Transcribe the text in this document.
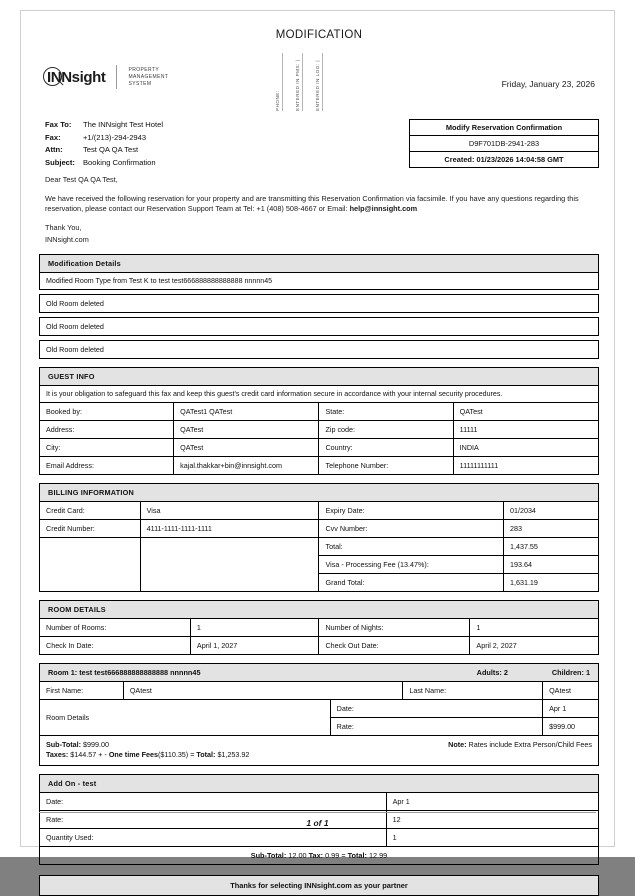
MODIFICATION
INNsight	PROPERTY
MANAGEMENT
SYSTEM
PHONE:	ENTERED IN PMS: |	ENTERED IN LOG: |	Friday, January 23, 2026
Fax To:	The INNsight Test Hotel
Fax:	+1/(213)-294-2943
Attn:	Test QA QA Test
Subject:	Booking Confirmation
Modify Reservation Confirmation
D9F701DB-2941-283
Created: 01/23/2026 14:04:58 GMT

Dear Test QA QA Test,

We have received the following reservation for your property and are transmitting this Reservation Confirmation via facsimile. If you have any questions regarding this reservation, please contact our Reservation Support Team at Tel: +1 (408) 508-4667 or Email: help@innsight.com

Thank You,

INNsight.com

Modification Details
Modified Room Type from Test K to test test666888888888888 nnnnn45
Old Room deleted
Old Room deleted
Old Room deleted
GUEST INFO			
It is your obligation to safeguard this fax and keep this guest's credit card information secure in accordance with your internal security procedures.			
Booked by:	QATest1 QATest	State:	QATest
Address:	QATest	Zip code:	11111
City:	QATest	Country:	INDIA
Email Address:	kajal.thakkar+bin@innsight.com	Telephone Number:	11111111111
BILLING INFORMATION			
Credit Card:	Visa	Expiry Date:	01/2034
Credit Number:	4111-1111-1111-1111	Cvv Number:	283
		Total:	1,437.55
		Visa - Processing Fee (13.47%):	193.64
		Grand Total:	1,631.19
ROOM DETAILS			
Number of Rooms:	1	Number of Nights:	1
Check In Date:	April 1, 2027	Check Out Date:	April 2, 2027
Room 1: test test666888888888888 nnnnn45	Adults: 2	Children: 1
First Name:	QAtest		Last Name:	QAtest
Room Details		Date:		Apr 1
		Rate:		$999.00

Note: Rates include Extra Person/Child Fees
Sub-Total: $999.00
Taxes: $144.57 + - One time Fees($110.35) = Total: $1,253.92				
Add On - test	
Date:	Apr 1
Rate:	12
Quantity Used:	1
Sub-Total: 12.00 Tax: 0.99 = Total: 12.99	
Thanks for selecting INNsight.com as your partner
1 of 1
